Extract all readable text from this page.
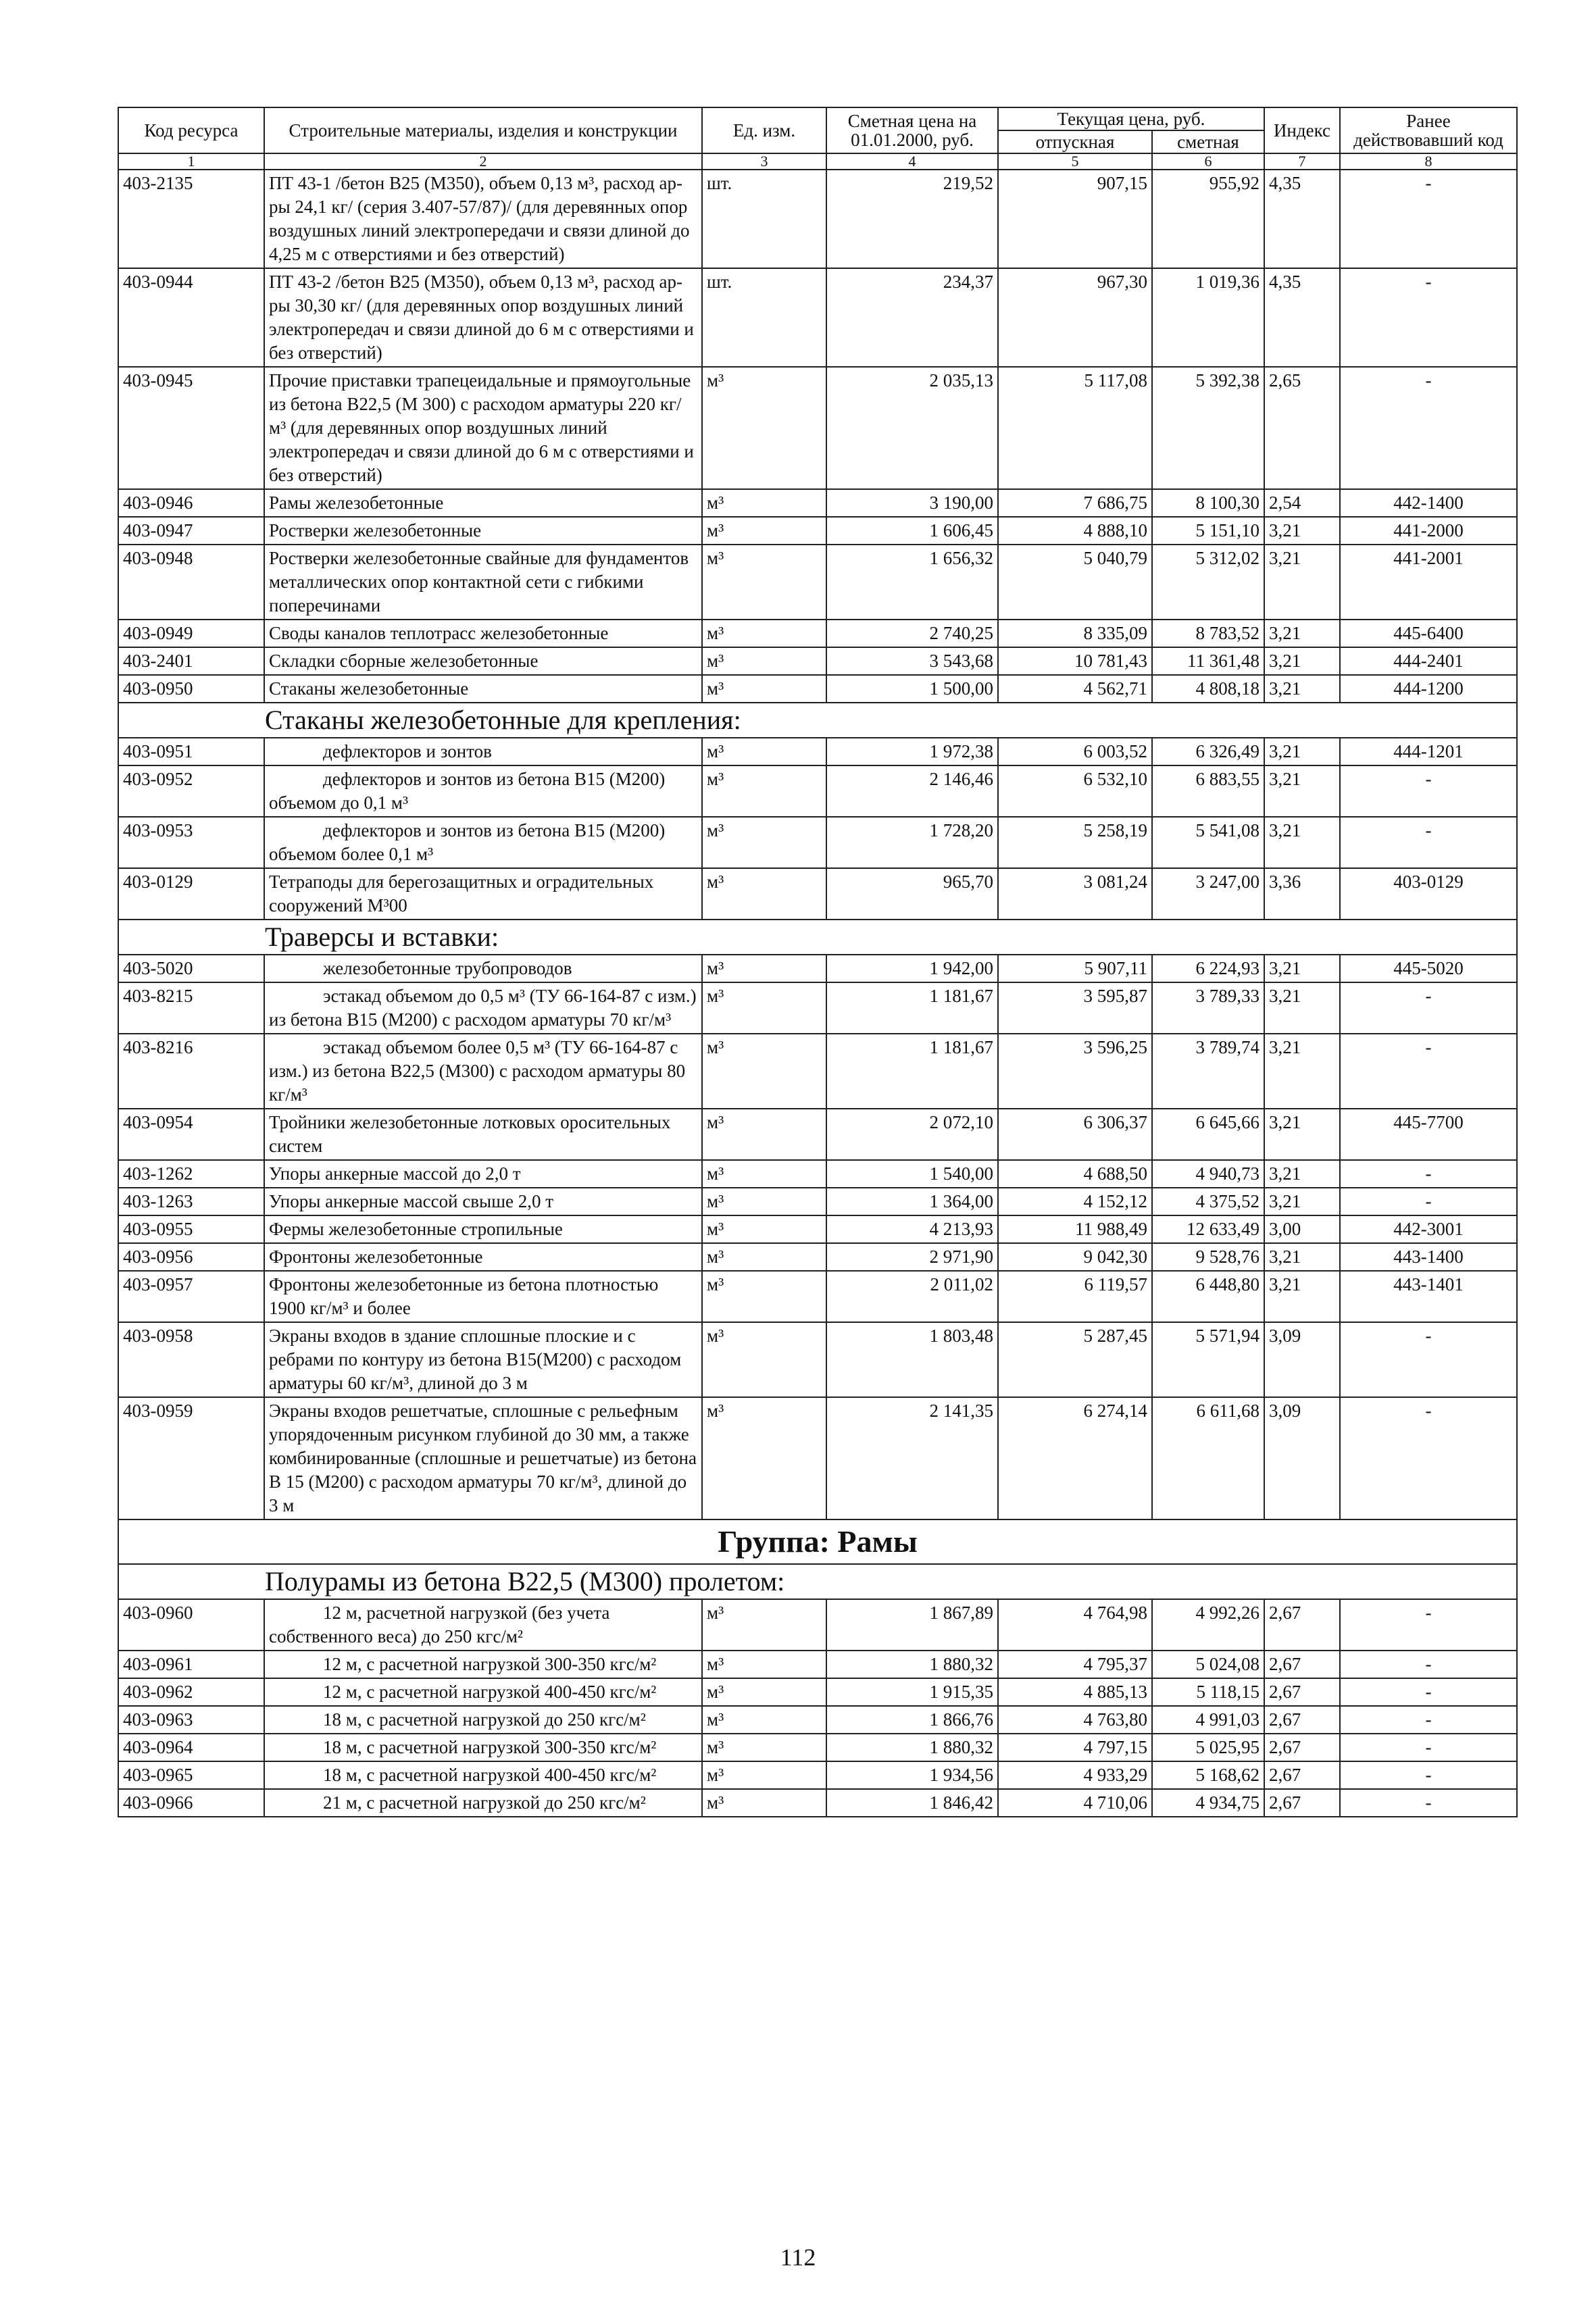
Код ресурса	Строительные материалы, изделия и конструкции	Ед. изм.	Сметная цена на 01.01.2000, руб.	Текущая цена, руб.		Индекс	Ранее действовавший код
				отпускная	сметная		
1	2	3	4	5	6	7	8
403-2135	ПТ 43-1 /бетон В25 (М350), объем 0,13 м³, расход ар-ры 24,1 кг/ (серия 3.407-57/87)/ (для деревянных опор воздушных линий электропередачи и связи длиной до 4,25 м с отверстиями и без отверстий)	шт.	219,52	907,15	955,92	4,35	-
403-0944	ПТ 43-2 /бетон В25 (М350), объем 0,13 м³, расход ар-ры 30,30 кг/ (для деревянных опор воздушных линий электропередач и связи длиной до 6 м с отверстиями и без отверстий)	шт.	234,37	967,30	1 019,36	4,35	-
403-0945	Прочие приставки трапецеидальные и прямоугольные из бетона В22,5 (М 300) с расходом арматуры 220 кг/м³ (для деревянных опор воздушных линий электропередач и связи длиной до 6 м с отверстиями и без отверстий)	м³	2 035,13	5 117,08	5 392,38	2,65	-
403-0946	Рамы железобетонные	м³	3 190,00	7 686,75	8 100,30	2,54	442-1400
403-0947	Ростверки железобетонные	м³	1 606,45	4 888,10	5 151,10	3,21	441-2000
403-0948	Ростверки железобетонные свайные для фундаментов металлических опор контактной сети с гибкими поперечинами	м³	1 656,32	5 040,79	5 312,02	3,21	441-2001
403-0949	Своды каналов теплотрасс железобетонные	м³	2 740,25	8 335,09	8 783,52	3,21	445-6400
403-2401	Складки сборные железобетонные	м³	3 543,68	10 781,43	11 361,48	3,21	444-2401
403-0950	Стаканы железобетонные	м³	1 500,00	4 562,71	4 808,18	3,21	444-1200
Стаканы железобетонные для крепления:							
403-0951	дефлекторов и зонтов	м³	1 972,38	6 003,52	6 326,49	3,21	444-1201
403-0952	дефлекторов и зонтов из бетона В15 (М200) объемом до 0,1 м³	м³	2 146,46	6 532,10	6 883,55	3,21	-
403-0953	дефлекторов и зонтов из бетона В15 (М200) объемом более 0,1 м³	м³	1 728,20	5 258,19	5 541,08	3,21	-
403-0129	Тетраподы для берегозащитных и оградительных сооружений М³00	м³	965,70	3 081,24	3 247,00	3,36	403-0129
Траверсы и вставки:							
403-5020	железобетонные трубопроводов	м³	1 942,00	5 907,11	6 224,93	3,21	445-5020
403-8215	эстакад объемом до 0,5 м³ (ТУ 66-164-87 с изм.) из бетона В15 (М200) с расходом арматуры 70 кг/м³	м³	1 181,67	3 595,87	3 789,33	3,21	-
403-8216	эстакад объемом более 0,5 м³ (ТУ 66-164-87 с изм.) из бетона В22,5 (М300) с расходом арматуры 80 кг/м³	м³	1 181,67	3 596,25	3 789,74	3,21	-
403-0954	Тройники железобетонные лотковых оросительных систем	м³	2 072,10	6 306,37	6 645,66	3,21	445-7700
403-1262	Упоры анкерные массой до 2,0 т	м³	1 540,00	4 688,50	4 940,73	3,21	-
403-1263	Упоры анкерные массой свыше 2,0 т	м³	1 364,00	4 152,12	4 375,52	3,21	-
403-0955	Фермы железобетонные стропильные	м³	4 213,93	11 988,49	12 633,49	3,00	442-3001
403-0956	Фронтоны железобетонные	м³	2 971,90	9 042,30	9 528,76	3,21	443-1400
403-0957	Фронтоны железобетонные из бетона плотностью 1900 кг/м³ и более	м³	2 011,02	6 119,57	6 448,80	3,21	443-1401
403-0958	Экраны входов в здание сплошные плоские и с ребрами по контуру из бетона В15(М200) с расходом арматуры 60 кг/м³, длиной до 3 м	м³	1 803,48	5 287,45	5 571,94	3,09	-
403-0959	Экраны входов решетчатые, сплошные с рельефным упорядоченным рисунком глубиной до 30 мм, а также комбинированные (сплошные и решетчатые) из бетона В 15 (М200) с расходом арматуры 70 кг/м³, длиной до 3 м	м³	2 141,35	6 274,14	6 611,68	3,09	-
Группа: Рамы							
Полурамы из бетона В22,5 (М300) пролетом:							
403-0960	12 м, расчетной нагрузкой (без учета собственного веса) до 250 кгс/м²	м³	1 867,89	4 764,98	4 992,26	2,67	-
403-0961	12 м, с расчетной нагрузкой 300-350 кгс/м²	м³	1 880,32	4 795,37	5 024,08	2,67	-
403-0962	12 м, с расчетной нагрузкой 400-450 кгс/м²	м³	1 915,35	4 885,13	5 118,15	2,67	-
403-0963	18 м, с расчетной нагрузкой до 250 кгс/м²	м³	1 866,76	4 763,80	4 991,03	2,67	-
403-0964	18 м, с расчетной нагрузкой 300-350 кгс/м²	м³	1 880,32	4 797,15	5 025,95	2,67	-
403-0965	18 м, с расчетной нагрузкой 400-450 кгс/м²	м³	1 934,56	4 933,29	5 168,62	2,67	-
403-0966	21 м, с расчетной нагрузкой до 250 кгс/м²	м³	1 846,42	4 710,06	4 934,75	2,67	-
112
